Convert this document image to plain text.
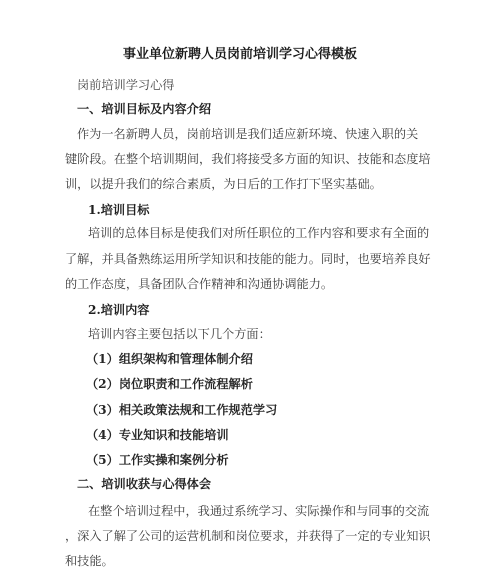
事业单位新聘人员岗前培训学习心得模板
岗前培训学习心得
一、培训目标及内容介绍
作为一名新聘人员，岗前培训是我们适应新环境、快速入职的关
键阶段。在整个培训期间，我们将接受多方面的知识、技能和态度培
训，以提升我们的综合素质，为日后的工作打下坚实基础。
1.培训目标
培训的总体目标是使我们对所任职位的工作内容和要求有全面的
了解，并具备熟练运用所学知识和技能的能力。同时，也要培养良好
的工作态度，具备团队合作精神和沟通协调能力。
2.培训内容
培训内容主要包括以下几个方面：
（1）组织架构和管理体制介绍
（2）岗位职责和工作流程解析
（3）相关政策法规和工作规范学习
（4）专业知识和技能培训
（5）工作实操和案例分析
二、培训收获与心得体会
在整个培训过程中，我通过系统学习、实际操作和与同事的交流
，深入了解了公司的运营机制和岗位要求，并获得了一定的专业知识
和技能。
